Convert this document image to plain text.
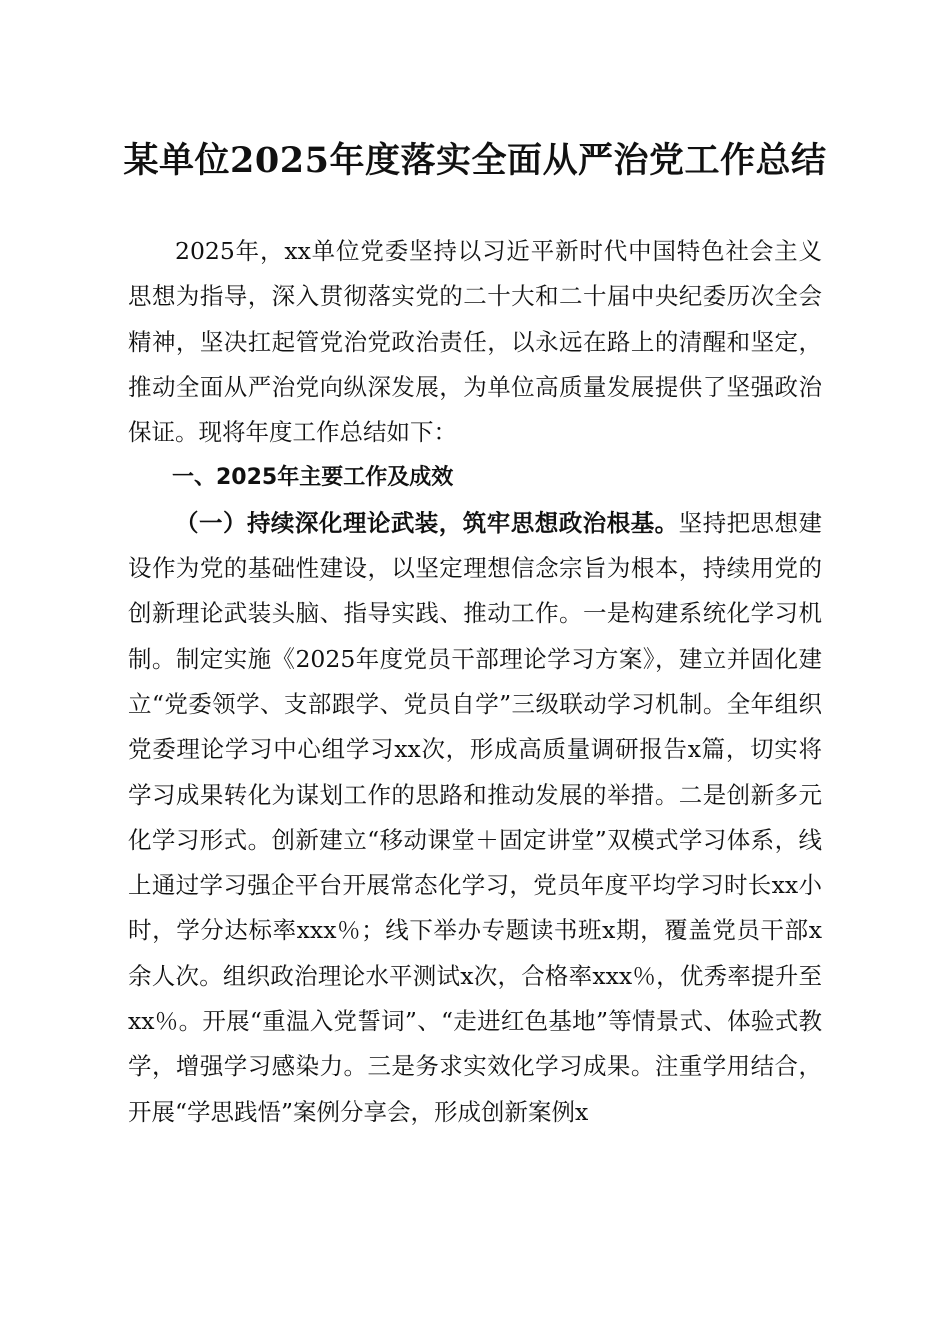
某单位2025年度落实全面从严治党工作总结

2025年，xx单位党委坚持以习近平新时代中国特色社会主义思想为指导，深入贯彻落实党的二十大和二十届中央纪委历次全会精神，坚决扛起管党治党政治责任，以永远在路上的清醒和坚定，推动全面从严治党向纵深发展，为单位高质量发展提供了坚强政治保证。现将年度工作总结如下：

一、2025年主要工作及成效

（一）持续深化理论武装，筑牢思想政治根基。坚持把思想建设作为党的基础性建设，以坚定理想信念宗旨为根本，持续用党的创新理论武装头脑、指导实践、推动工作。一是构建系统化学习机制。制定实施《2025年度党员干部理论学习方案》，建立并固化建立“党委领学、支部跟学、党员自学”三级联动学习机制。全年组织党委理论学习中心组学习xx次，形成高质量调研报告x篇，切实将学习成果转化为谋划工作的思路和推动发展的举措。二是创新多元化学习形式。创新建立“移动课堂＋固定讲堂”双模式学习体系，线上通过学习强企平台开展常态化学习，党员年度平均学习时长xx小时，学分达标率xxx％；线下举办专题读书班x期，覆盖党员干部x余人次。组织政治理论水平测试x次，合格率xxx％，优秀率提升至xx％。开展“重温入党誓词”、“走进红色基地”等情景式、体验式教学，增强学习感染力。三是务求实效化学习成果。注重学用结合，开展“学思践悟”案例分享会，形成创新案例x
